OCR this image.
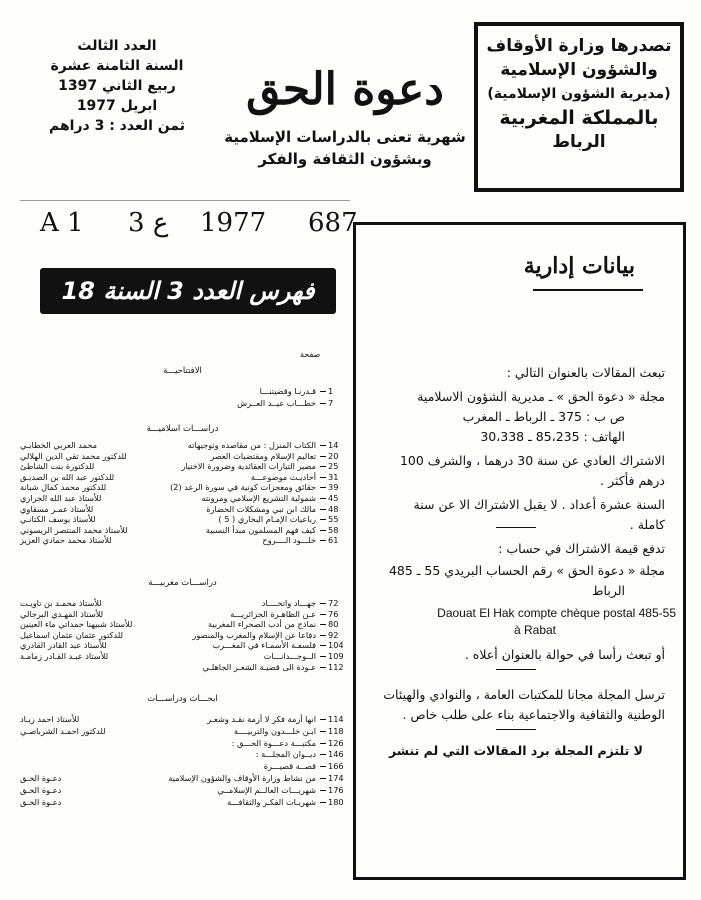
تصدرها وزارة الأوقاف
والشؤون الإسلامية
(مديرية الشؤون الإسلامية)
بالمملكة المغربية
الرباط
دعوة الحق
شهرية تعنى بالدراسات الإسلامية
وبشؤون الثقافة والفكر
العدد الثالث
السنة الثامنة عشرة
ربيع الثاني 1397
ابريل 1977
ثمن العدد : 3 دراهم
A 1 3 ع 1977 687
فهرس العدد 3 السنة 18
صفحة
الافتتاحيـــة
1
قـدرنـا وقضيتنـــا
7
خطـــاب عيــد العــرش
دراســـات اسلاميـــة
14
الكتاب المنزل : من مقاصده وتوجيهاته
محمد العربي الخطابـي
20
تعاليم الإسلام ومقتضيات العصر
للدكتور محمد تقي الدين الهلالي
25
مصير التيارات العقائدية وضرورة الاختيار
للدكتورة بنت الشاطئ
31
أحاديـث موضوعـــة
للدكتور عبد الله بن الصديـق
39
حقائق ومعجزات كونية في سورة الرعد (2)
للدكتور محمد كمال شبانة
45
شمولية التشريع الإسلامي ومرونته
للأستاذ عبد الله الجراري
48
مالك ابن نبي ومشكلات الحضارة
للأستاذ عمـر مسقاوي
55
رباعيات الإمـام البخاري ( 5 )
للأستاذ يوسف الكتانـي
58
كيف فهم المسلمون مبدأ النسبية
للأستاذ محمد المنتصر الريسوني
61
خلـــود الــــروح
للأستاذ محمد حمادي العزيز
دراســـات مغربيـــة
72
جهـــاد واتحــــاد
للأستاذ محمـد بن تاويـت
76
عـن الظاهـرة الجزائريـــة
للأستاذ المهـدي البرجالي
80
نماذج من أدب الصحراء المغربية
للأستاذ شبيهنا حمداتي ماء العينين
92
دفاعا عن الإسلام والمغرب والمنصور
للدكتور عثمان عثمان اسماعيل
104
فلسفـة الأسمـاء في المغـــرب
للأستاذ عبد القادر القادري
109
الــوجـــدانـــات
للأستاذ عبـد القـادر زمامـة
112
عـودة الى قضيـة الشعـر الجاهلـي
ابحـــاث ودراســـات
114
انها أزمة فكر لا أزمة نقـد وشعـر
للأستاذ احمد زيـاد
118
ابـن خلـــدون والتربيــــة
للدكتور احمـد الشرباصـي
126
مكتبـــة دعـــوة الحـــق :
146
ديــوان المجلـــة :
166
قصــة قصيـــرة
174
من نشاط وزارة الأوقاف والشؤون الإسلامية
دعـوة الحـق
176
شهريـــات العالــم الإسلامــي
دعـوة الحـق
180
شهريـات الفكـر والثقافـــة
دعـوة الحـق
بيانات إدارية
تبعث المقالات بالعنوان التالي :
مجلة « دعوة الحق » ـ مديرية الشؤون الاسلامية
ص ب : 375 ـ الرباط ـ المغرب
الهاتف : 85،235 ـ 30،338
الاشتراك العادي عن سنة 30 درهما ، والشرف 100
درهم فأكثر .
السنة عشرة أعداد . لا يقبل الاشتراك الا عن سنة
كاملة .
تدفع قيمة الاشتراك في حساب :
مجلة « دعوة الحق » رقم الحساب البريدي 55 ـ 485
الرباط
Daouat El Hak compte chèque postal 485-55
à Rabat
أو تبعث رأسا في حوالة بالعنوان أعلاه .
ترسل المجلة مجانا للمكتبات العامة ، والنوادي والهيئات
الوطنية والثقافية والاجتماعية بناء على طلب خاص .
لا تلتزم المجلة برد المقالات التي لم تنشر
